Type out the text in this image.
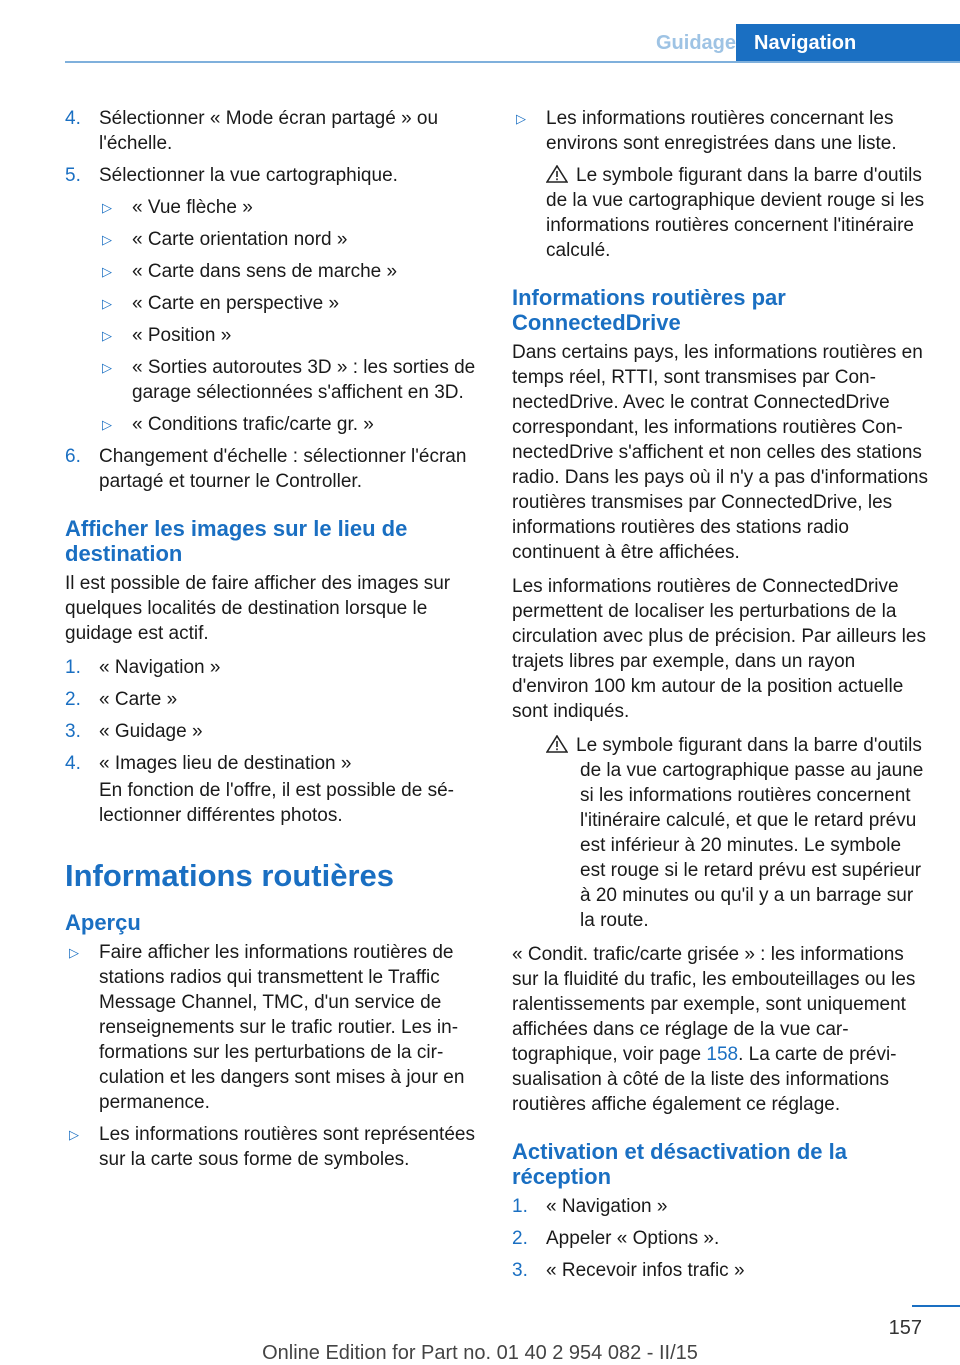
Guidage Navigation
4. Sélectionner « Mode écran partagé » ou l'échelle.
5. Sélectionner la vue cartographique.
▷ « Vue flèche »
▷ « Carte orientation nord »
▷ « Carte dans sens de marche »
▷ « Carte en perspective »
▷ « Position »
▷ « Sorties autoroutes 3D » : les sorties de garage sélectionnées s'affichent en 3D.
▷ « Conditions trafic/carte gr. »
6. Changement d'échelle : sélectionner l'écran partagé et tourner le Controller.
Afficher les images sur le lieu de destination

Il est possible de faire afficher des images sur quelques localités de destination lorsque le guidage est actif.

1. « Navigation »
2. « Carte »
3. « Guidage »
4. « Images lieu de destination »
En fonction de l'offre, il est possible de sélectionner différentes photos.
Informations routières
Aperçu
▷ Faire afficher les informations routières de stations radios qui transmettent le Traffic Message Channel, TMC, d'un service de renseignements sur le trafic routier. Les informations sur les perturbations de la circulation et les dangers sont mises à jour en permanence.
▷ Les informations routières sont représentées sur la carte sous forme de symboles.
▷ Les informations routières concernant les environs sont enregistrées dans une liste.
Le symbole figurant dans la barre d'outils de la vue cartographique devient rouge si les informations routières concernent l'itinéraire calculé.
Informations routières par ConnectedDrive

Dans certains pays, les informations routières en temps réel, RTTI, sont transmises par ConnectedDrive. Avec le contrat ConnectedDrive correspondant, les informations routières ConnectedDrive s'affichent et non celles des stations radio. Dans les pays où il n'y a pas d'informations routières transmises par ConnectedDrive, les informations routières des stations radio continuent à être affichées.

Les informations routières de ConnectedDrive permettent de localiser les perturbations de la circulation avec plus de précision. Par ailleurs les trajets libres par exemple, dans un rayon d'environ 100 km autour de la position actuelle sont indiqués.

Le symbole figurant dans la barre d'outils de la vue cartographique passe au jaune si les informations routières concernent l'itinéraire calculé, et que le retard prévu est inférieur à 20 minutes. Le symbole est rouge si le retard prévu est supérieur à 20 minutes ou qu'il y a un barrage sur la route.

« Condit. trafic/carte grisée » : les informations sur la fluidité du trafic, les embouteillages ou les ralentissements par exemple, sont uniquement affichées dans ce réglage de la vue cartographique, voir page 158. La carte de prévisualisation à côté de la liste des informations routières affiche également ce réglage.

Activation et désactivation de la réception
1. « Navigation »
2. Appeler « Options ».
3. « Recevoir infos trafic »
157
Online Edition for Part no. 01 40 2 954 082 - II/15
